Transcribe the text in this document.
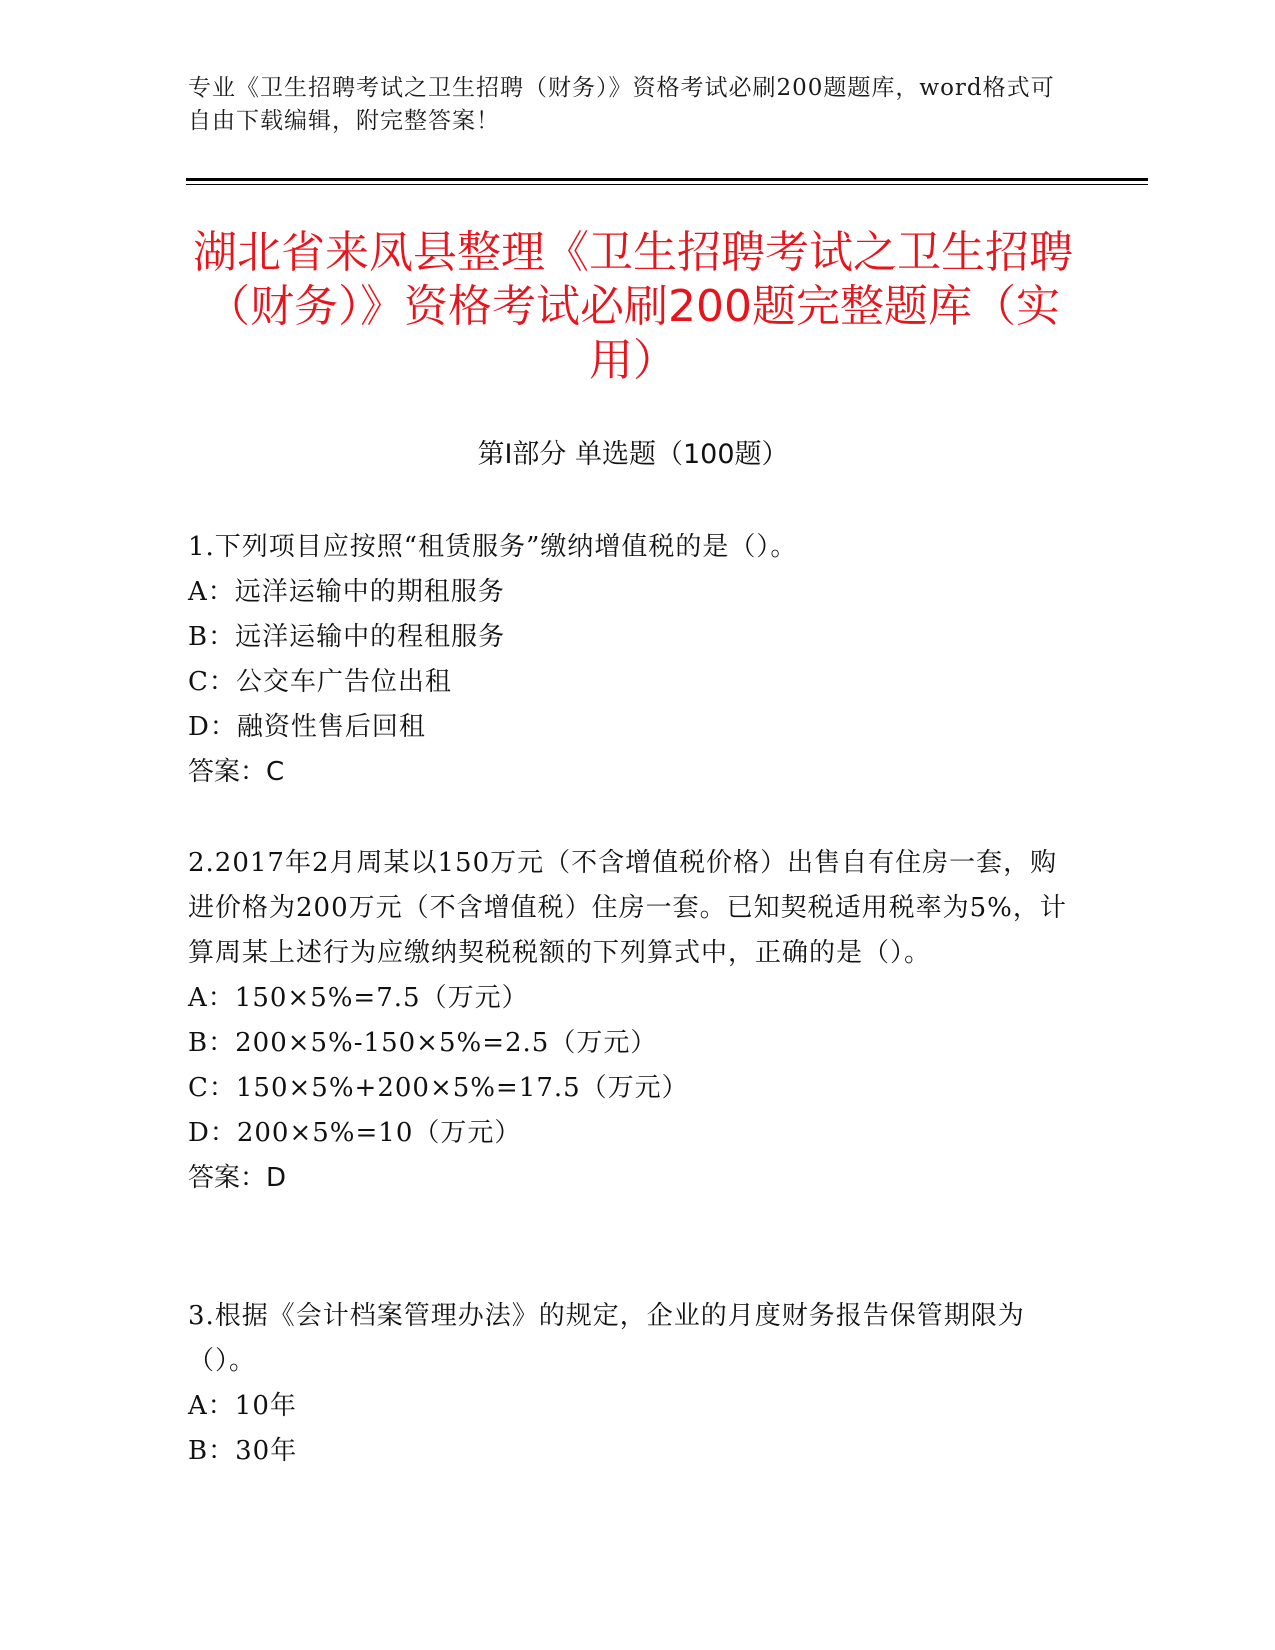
专业《卫生招聘考试之卫生招聘（财务）》资格考试必刷200题题库，word格式可自由下载编辑，附完整答案！
湖北省来凤县整理《卫生招聘考试之卫生招聘（财务）》资格考试必刷200题完整题库（实用）
第Ⅰ部分 单选题（100题）

1.下列项目应按照“租赁服务”缴纳增值税的是（）。

A：远洋运输中的期租服务

B：远洋运输中的程租服务

C：公交车广告位出租

D：融资性售后回租

答案：C

2.2017年2月周某以150万元（不含增值税价格）出售自有住房一套，购进价格为200万元（不含增值税）住房一套。已知契税适用税率为5%，计算周某上述行为应缴纳契税税额的下列算式中，正确的是（）。

A：150×5%=7.5（万元）

B：200×5%-150×5%=2.5（万元）

C：150×5%+200×5%=17.5（万元）

D：200×5%=10（万元）

答案：D

3.根据《会计档案管理办法》的规定，企业的月度财务报告保管期限为（）。

A：10年

B：30年
